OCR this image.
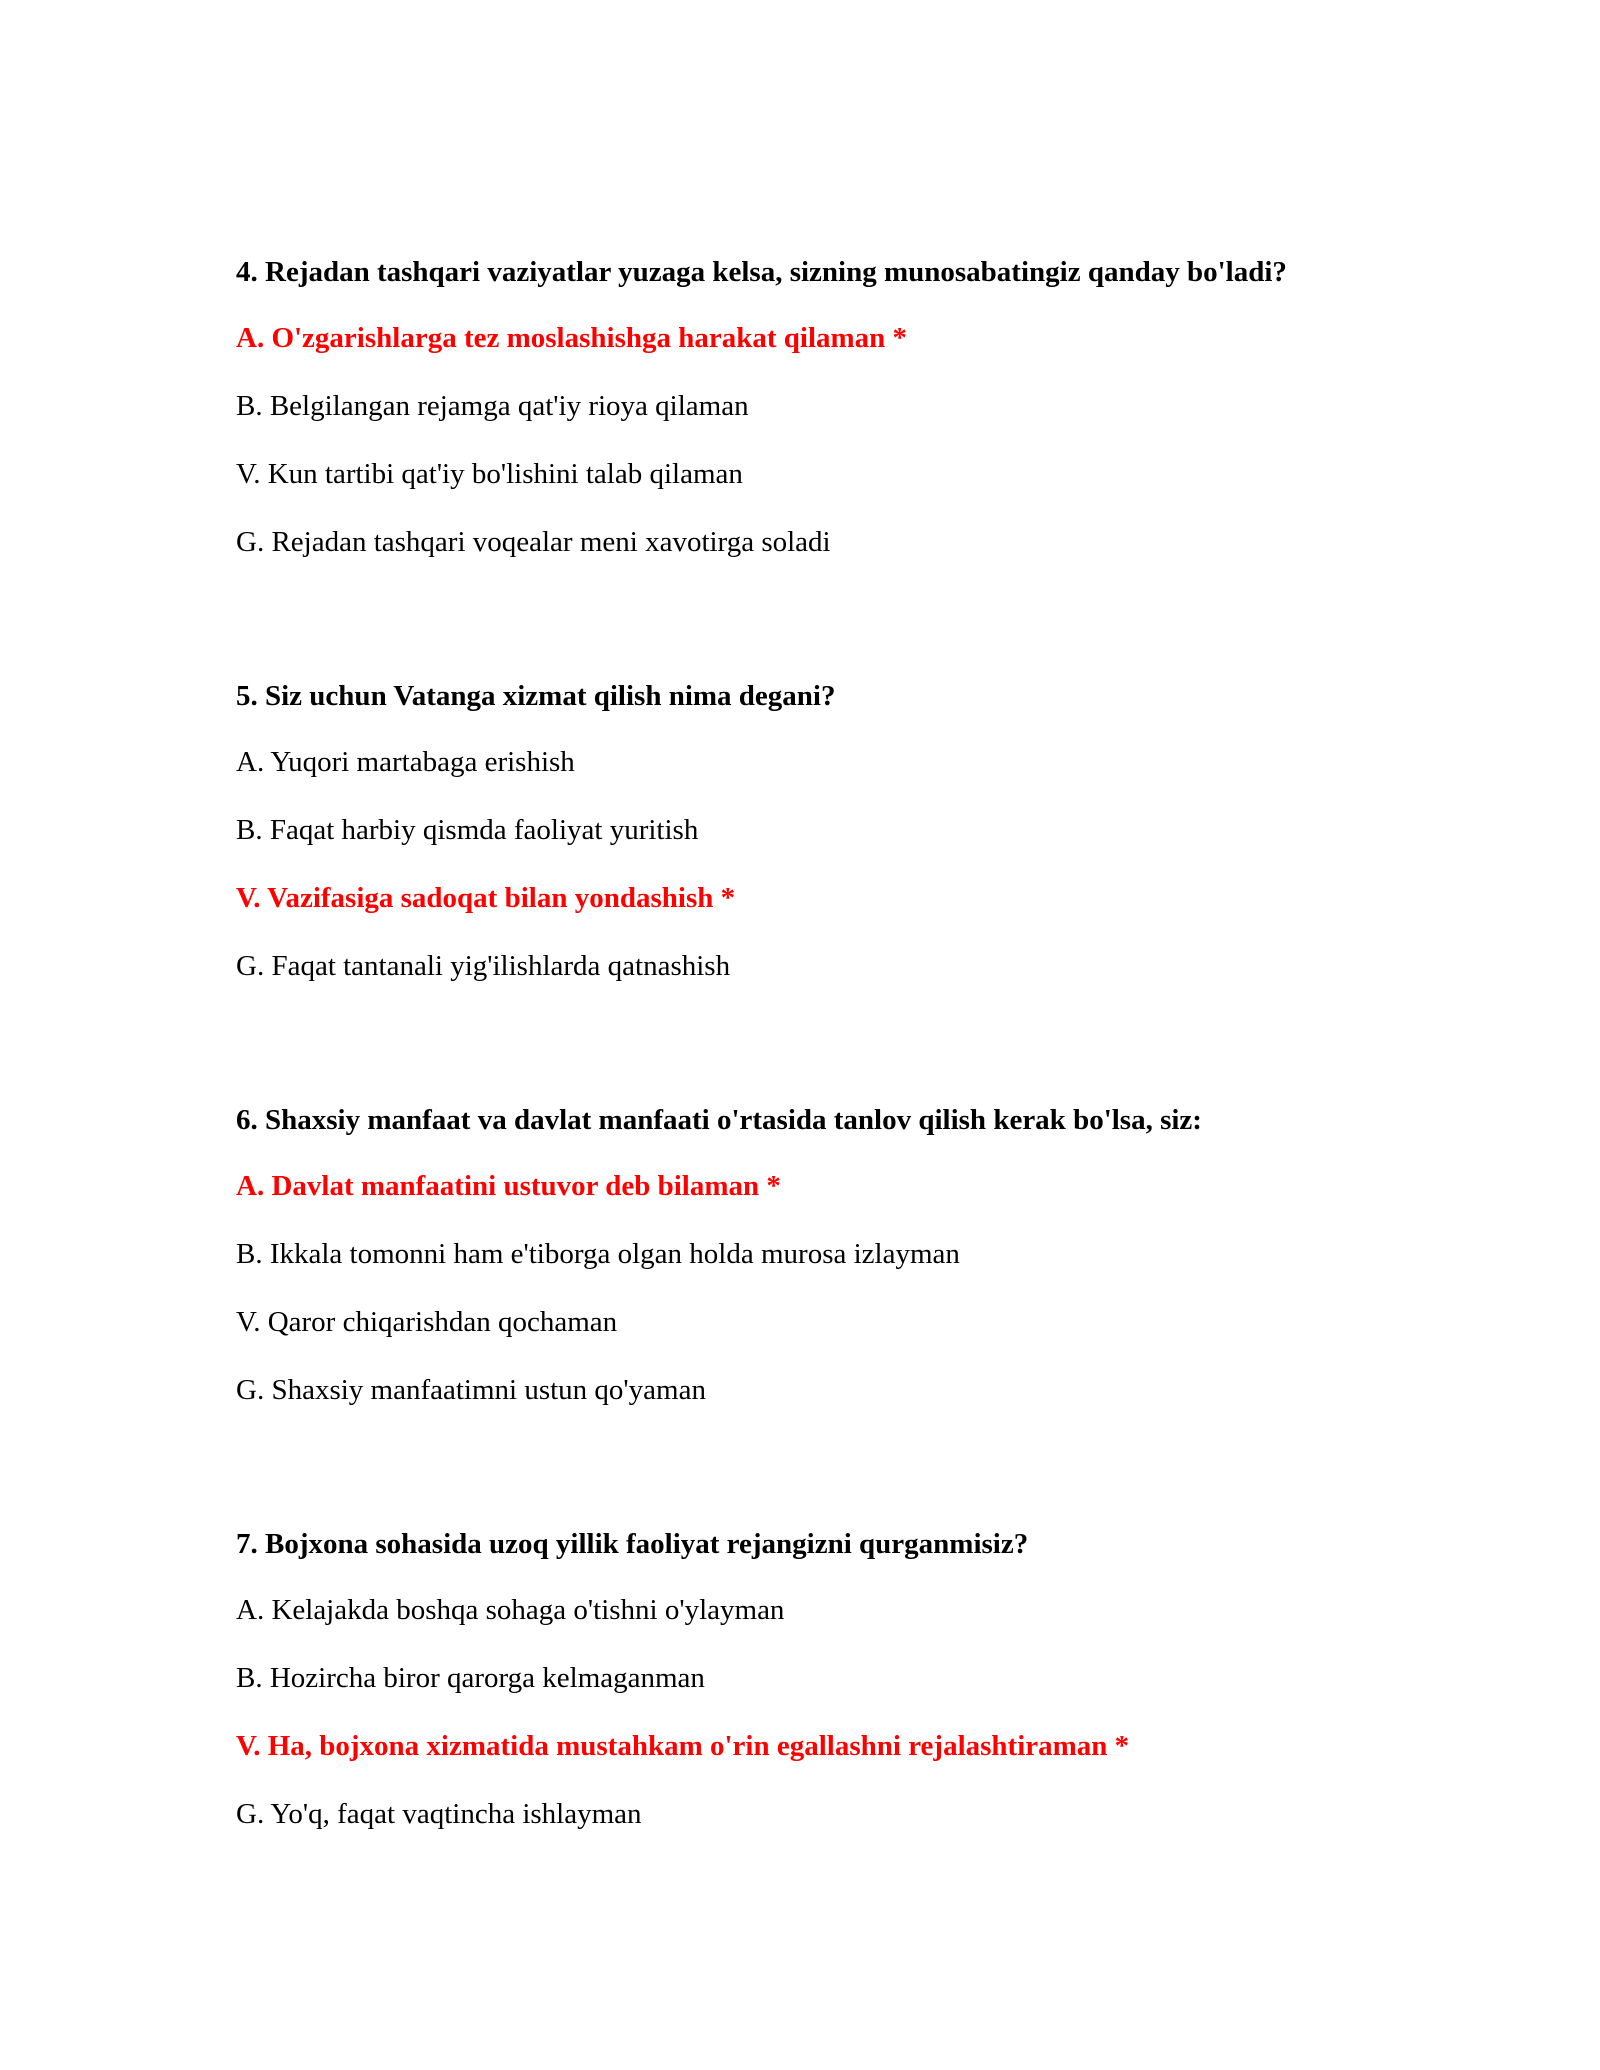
4. Rejadan tashqari vaziyatlar yuzaga kelsa, sizning munosabatingiz qanday bo'ladi?

A. O'zgarishlarga tez moslashishga harakat qilaman *
B. Belgilangan rejamga qat'iy rioya qilaman
V. Kun tartibi qat'iy bo'lishini talab qilaman
G. Rejadan tashqari voqealar meni xavotirga soladi

5. Siz uchun Vatanga xizmat qilish nima degani?

A. Yuqori martabaga erishish
B. Faqat harbiy qismda faoliyat yuritish
V. Vazifasiga sadoqat bilan yondashish *
G. Faqat tantanali yig'ilishlarda qatnashish

6. Shaxsiy manfaat va davlat manfaati o'rtasida tanlov qilish kerak bo'lsa, siz:

A. Davlat manfaatini ustuvor deb bilaman *
B. Ikkala tomonni ham e'tiborga olgan holda murosa izlayman
V. Qaror chiqarishdan qochaman
G. Shaxsiy manfaatimni ustun qo'yaman

7. Bojxona sohasida uzoq yillik faoliyat rejangizni qurganmisiz?

A. Kelajakda boshqa sohaga o'tishni o'ylayman
B. Hozircha biror qarorga kelmaganman
V. Ha, bojxona xizmatida mustahkam o'rin egallashni rejalashtiraman *
G. Yo'q, faqat vaqtincha ishlayman
